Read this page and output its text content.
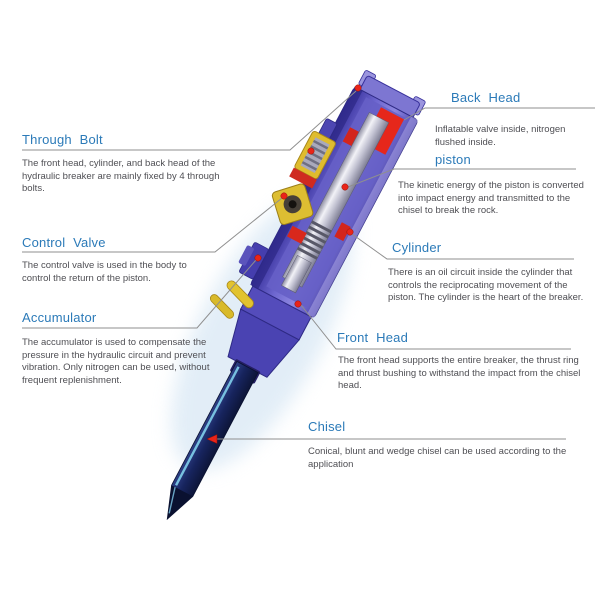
Through Bolt
The front head, cylinder, and back head of the hydraulic breaker are mainly fixed by 4 through bolts.
Control Valve
The control valve is used in the body to control the return of the piston.
Accumulator
The accumulator is used to compensate the pressure in the hydraulic circuit and prevent vibration. Only nitrogen can be used, without frequent replenishment.
Back Head
Inflatable valve inside, nitrogen flushed inside.
piston
The kinetic energy of the piston is converted into impact energy and transmitted to the chisel to break the rock.
Cylinder
There is an oil circuit inside the cylinder that controls the reciprocating movement of the piston. The cylinder is the heart of the breaker.
Front Head
The front head supports the entire breaker, the thrust ring and thrust bushing to withstand the impact from the chisel head.
Chisel
Conical, blunt and wedge chisel can be used according to the application
